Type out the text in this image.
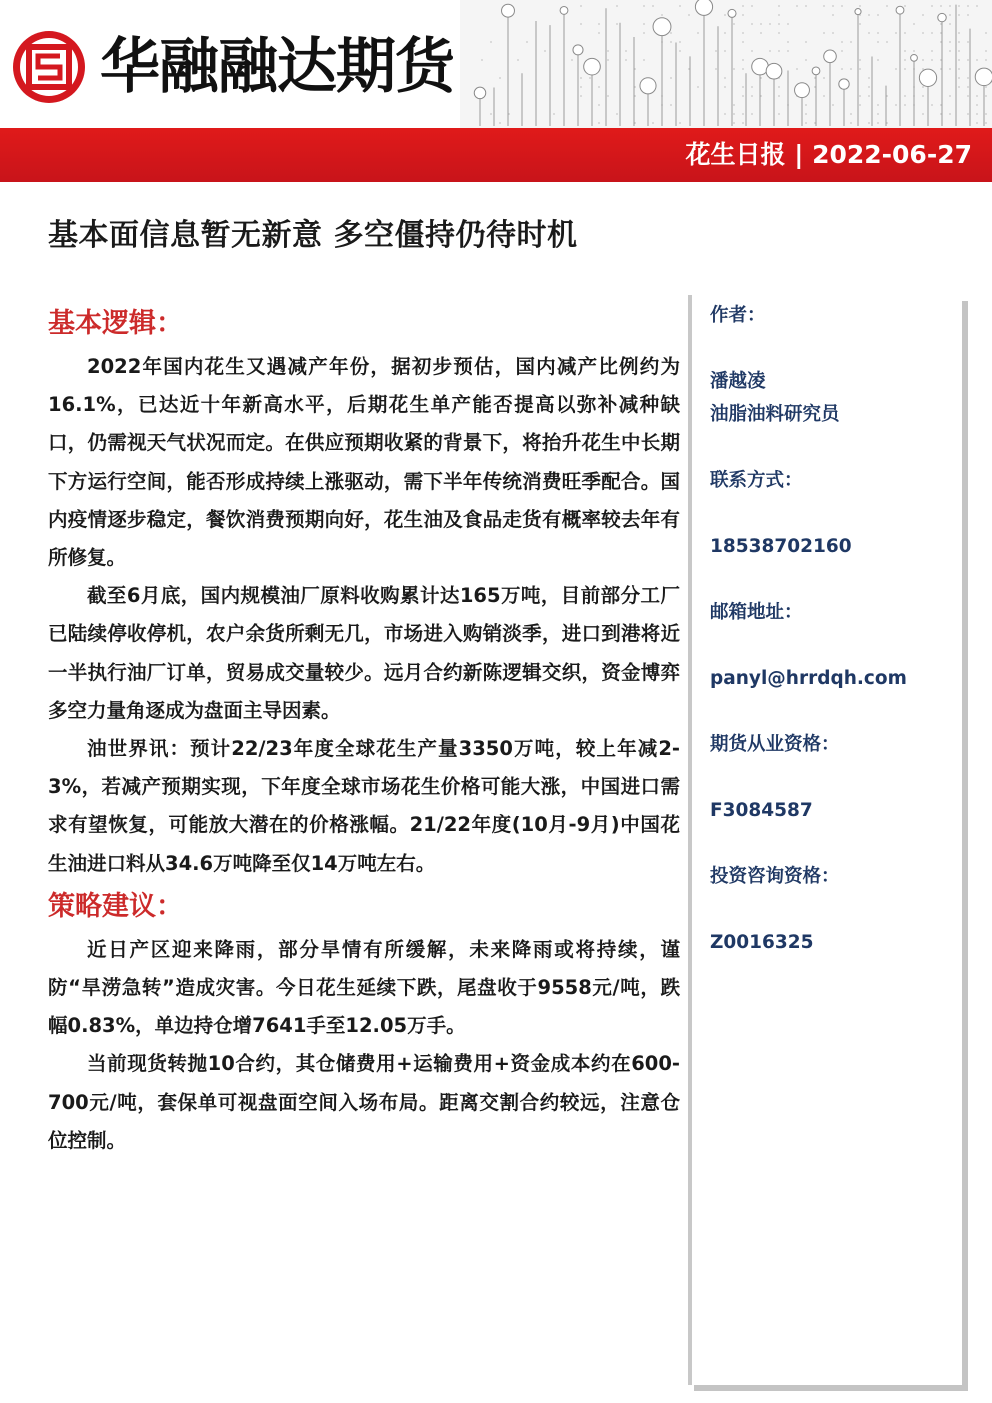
华融融达期货
花生日报 | 2022-06-27
基本面信息暂无新意 多空僵持仍待时机
基本逻辑：

2022年国内花生又遇减产年份，据初步预估，国内减产比例约为16.1%，已达近十年新高水平，后期花生单产能否提高以弥补减种缺口，仍需视天气状况而定。在供应预期收紧的背景下，将抬升花生中长期下方运行空间，能否形成持续上涨驱动，需下半年传统消费旺季配合。国内疫情逐步稳定，餐饮消费预期向好，花生油及食品走货有概率较去年有所修复。

截至6月底，国内规模油厂原料收购累计达165万吨，目前部分工厂已陆续停收停机，农户余货所剩无几，市场进入购销淡季，进口到港将近一半执行油厂订单，贸易成交量较少。远月合约新陈逻辑交织，资金博弈多空力量角逐成为盘面主导因素。

油世界讯：预计22/23年度全球花生产量3350万吨，较上年减2-3%，若减产预期实现，下年度全球市场花生价格可能大涨，中国进口需求有望恢复，可能放大潜在的价格涨幅。21/22年度(10月-9月)中国花生油进口料从34.6万吨降至仅14万吨左右。

策略建议：

近日产区迎来降雨，部分旱情有所缓解，未来降雨或将持续，谨防“旱涝急转”造成灾害。今日花生延续下跌，尾盘收于9558元/吨，跌幅0.83%，单边持仓增7641手至12.05万手。

当前现货转抛10合约，其仓储费用+运输费用+资金成本约在600-700元/吨，套保单可视盘面空间入场布局。距离交割合约较远，注意仓位控制。

作者：

潘越凌

油脂油料研究员

联系方式：

18538702160

邮箱地址：

panyl@hrrdqh.com

期货从业资格：

F3084587

投资咨询资格：

Z0016325
